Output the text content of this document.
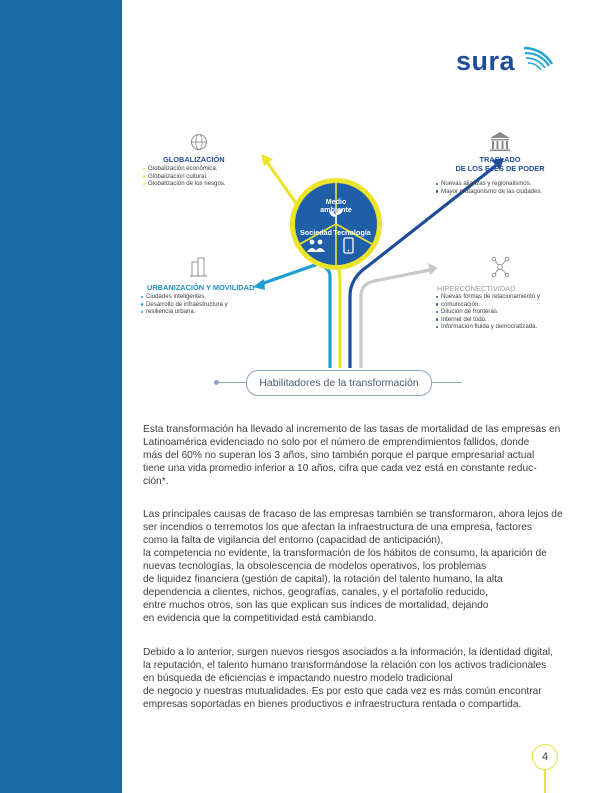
sura
Medio ambiente
Sociedad Tecnología
GLOBALIZACIÓN
Globalización económica.
Globalización cultural.
Globalización de los riesgos.
TRASLADO
DE LOS EJES DE PODER
Nuevas alianzas y regionalismos.
Mayor protagonismo de las ciudades.
URBANIZACIÓN Y MOVILIDAD
Ciudades inteligentes.
Desarrollo de infraestructura y
resiliencia urbana.
HIPERCONECTIVIDAD
Nuevas formas de relacionamiento y
comunicación.
Dilución de fronteras.
Internet del todo.
Información fluida y democratizada.
Habilitadores de la transformación
Esta transformación ha llevado al incremento de las tasas de mortalidad de las empresas en
Latinoamérica evidenciado no solo por el número de emprendimientos fallidos, donde
más del 60% no superan los 3 años, sino también porque el parque empresarial actual
tiene una vida promedio inferior a 10 años, cifra que cada vez está en constante reduc-
ción*.
Las principales causas de fracaso de las empresas también se transformaron, ahora lejos de
ser incendios o terremotos los que afectan la infraestructura de una empresa, factores
como la falta de vigilancia del entorno (capacidad de anticipación),
la competencia no evidente, la transformación de los hábitos de consumo, la aparición de
nuevas tecnologías, la obsolescencia de modelos operativos, los problemas
de liquidez financiera (gestión de capital), la rotación del talento humano, la alta
dependencia a clientes, nichos, geografías, canales, y el portafolio reducido,
entre muchos otros, son las que explican sus índices de mortalidad, dejando
en evidencia que la competitividad está cambiando.
Debido a lo anterior, surgen nuevos riesgos asociados a la información, la identidad digital,
la reputación, el talento humano transformándose la relación con los activos tradicionales
en búsqueda de eficiencias e impactando nuestro modelo tradicional
de negocio y nuestras mutualidades. Es por esto que cada vez es más común encontrar
empresas soportadas en bienes productivos e infraestructura rentada o compartida.
4
